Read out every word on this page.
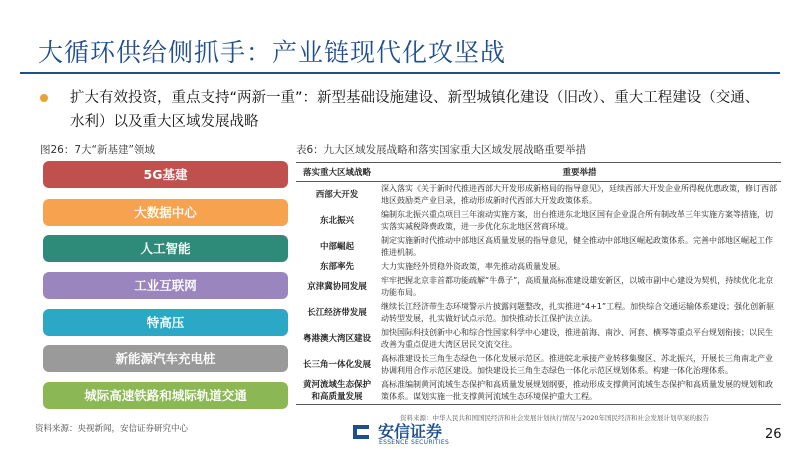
大循环供给侧抓手：产业链现代化攻坚战
扩大有效投资，重点支持“两新一重”：新型基础设施建设、新型城镇化建设（旧改）、重大工程建设（交通、水利）以及重大区域发展战略
图26：7大“新基建”领域
5G基建
大数据中心
人工智能
工业互联网
特高压
新能源汽车充电桩
城际高速铁路和城际轨道交通
资料来源：央视新闻，安信证券研究中心
表6：九大区域发展战略和落实国家重大区域发展战略重要举措
落实重大区域战略	重要举措
西部大开发	深入落实《关于新时代推进西部大开发形成新格局的指导意见》，廷续西部大开发企业所得税优惠政策，修订西部地区鼓励类产业目录，推动形成新时代西部大开发政策体系。
东北振兴	编制东北振兴重点项目三年滚动实施方案，出台推进东北地区国有企业混合所有制改革三年实施方案等措施，切实落实减税降费政策，进一步优化东北地区营商环境。
中部崛起	制定实施新时代推动中部地区高质量发展的指导意见，健全推动中部地区崛起政策体系。完善中部地区崛起工作推进机制。
东部率先	大力实施经外贸稳外资政策，率先推动高质量发展。
京津冀协同发展	牢牢把握北京非首都功能疏解“牛鼻子”，高质量高标准建设雄安新区，以城市副中心建设为契机，持续优化北京功能布局。
长江经济带发展	继续长江经济带生态环境警示片披露问题整改，扎实推进“4+1”工程。加快综合交通运输体系建设；强化创新驱动转型发展，扎实做好试点示范。加快推动长江保护法立法。
粤港澳大湾区建设	加快国际科技创新中心和综合性国家科学中心建设，推进前海、南沙、河套、横琴等重点平台规划衔接；以民生改善为重点促进大湾区居民交流交往。
长三角一体化发展	高标准建设长三角生态绿色一体化发展示范区。推进皖北承接产业转移集聚区、苏北振兴，开展长三角南北产业协调利用合作示范区建设。加快建设长三角生态绿色一体化示范区规划体系。构建一体化治理体系。
黄河流域生态保护和高质量发展	高标准编制黄河流域生态保护和高质量发展规划纲要，推动形成支撑黄河流域生态保护和高质量发展的规划和政策体系。谋划实施一批支撑黄河流域生态环境保护重大工程。
安信证券
ESSENCE SECURITIES
资料来源：中华人民共和国国民经济和社会发展计划执行情况与2020年国民经济和社会发展计划草案的报告
26
